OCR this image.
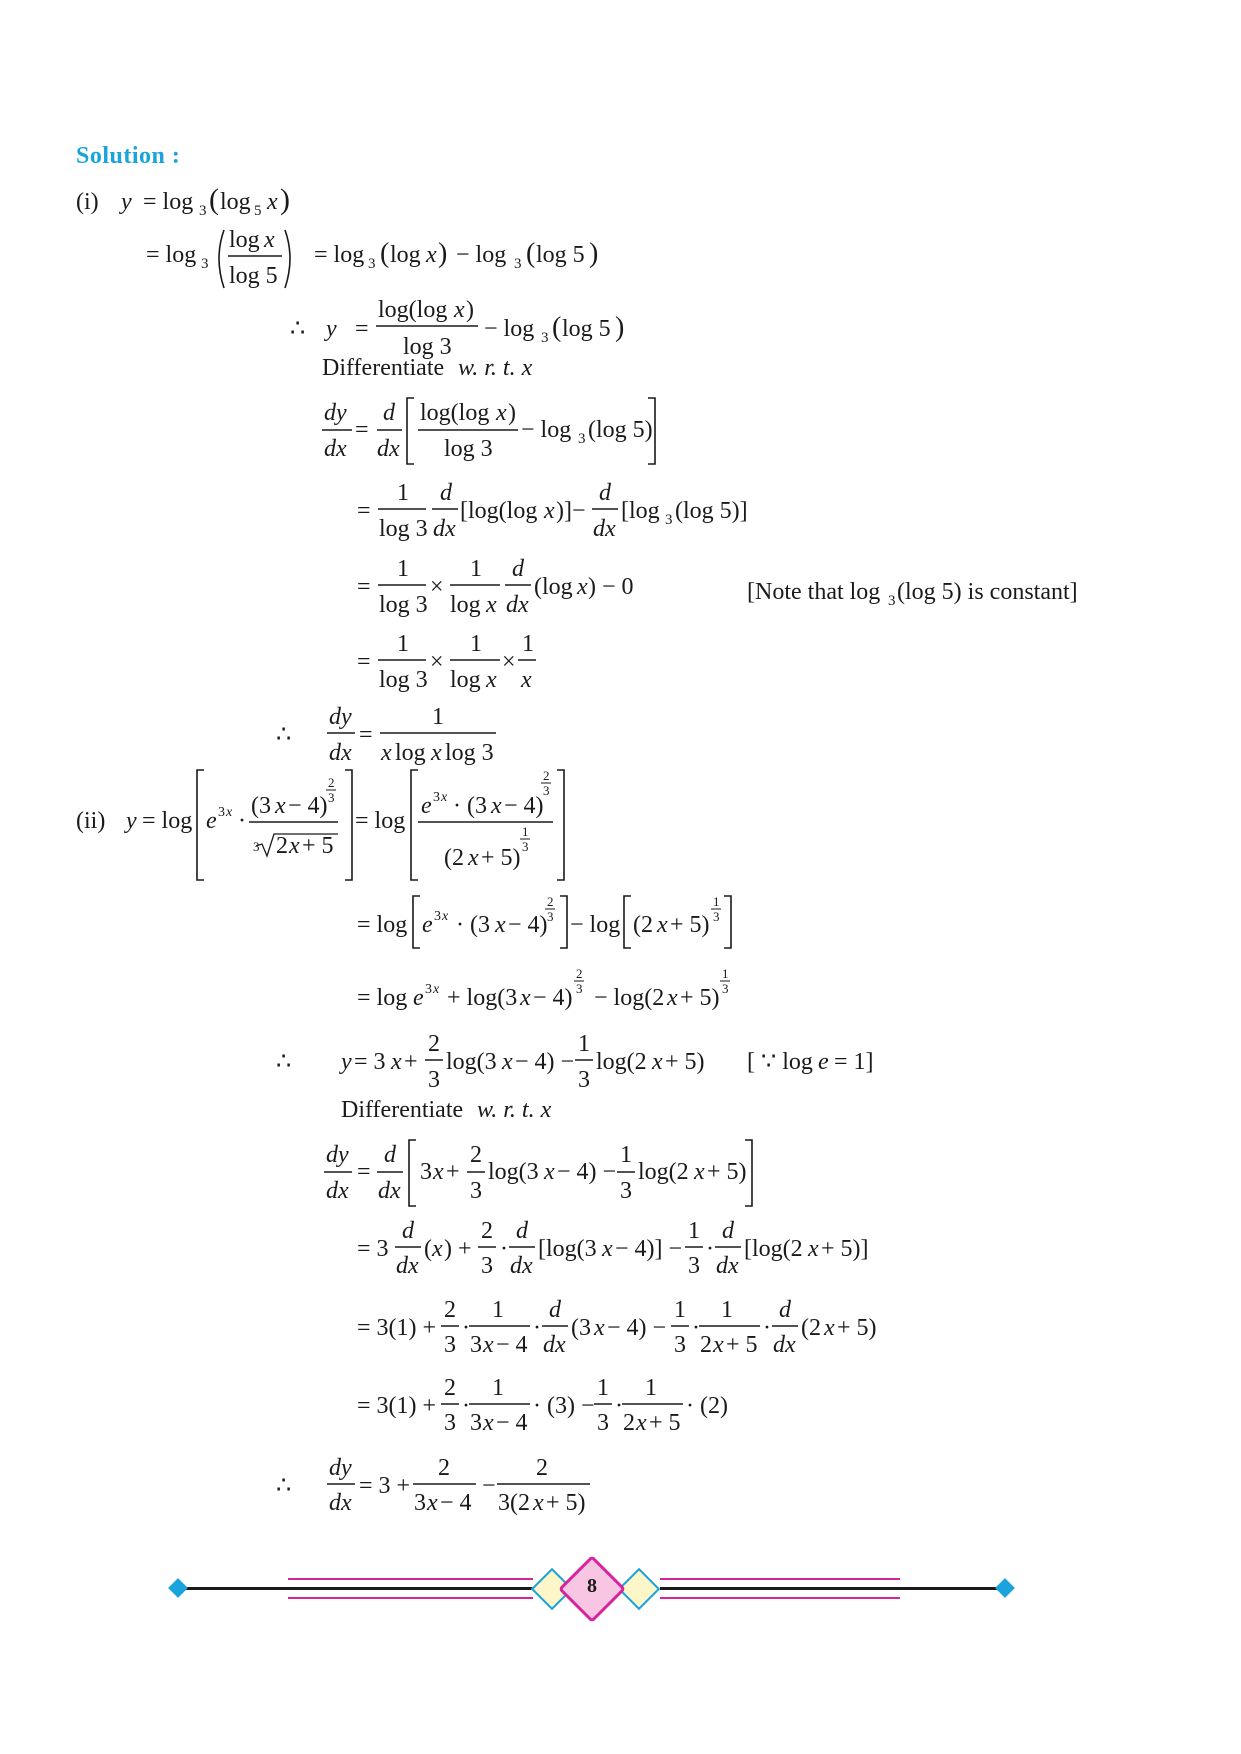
Solution :
(i) y = log 3 ( log 5 x )
= log 3
log x
log 5
= log 3 ( log x ) − log 3 ( log 5 )
∴ y =
log(log x )
log 3
− log 3 ( log 5 )
Differentiate w. r. t. x
dy
dx
=
d
dx
log(log x )
log 3
− log 3 (log 5)
=
1
log 3
d
dx
[log(log x )]−
d
dx
[log 3 (log 5)]
=
1
log 3
×
1
log x
d
dx
(log x ) − 0	[Note that log 3 (log 5) is constant]
=
1
log 3
×
1
log x
×
1
x
∴
dy
dx
=
1
x log x log 3
(ii) y = log e 3 x ·
(3 x − 4)
2
3
3 2 x + 5
= log
e 3 x · (3 x − 4)
2
3
(2 x + 5)
1
3
= log e 3 x · (3 x − 4)
2
3 − log (2 x + 5)
1
3
= log e 3 x + log(3 x − 4)
2
3 − log(2 x + 5)
1
3
∴ y = 3 x +
2
3
log(3 x − 4) −
1
3
log(2 x + 5) [ ∵ log e = 1]
Differentiate w. r. t. x
dy
dx
=
d
dx
3 x +
2
3
log(3 x − 4) −
1
3
log(2 x + 5)
= 3
d
dx
( x ) +
2
3
·
d
dx
[log(3 x − 4)] −
1
3
·
d
dx
[log(2 x + 5)]
= 3(1) +
2
3
·
1
3 x − 4
·
d
dx
(3 x − 4) −
1
3
·
1
2 x + 5
·
d
dx
(2 x + 5)
= 3(1) +
2
3
·
1
3 x − 4
· (3) −
1
3
·
1
2 x + 5
· (2)
∴
dy
dx
= 3 +
2
3 x − 4
−
2
3(2 x + 5)
8
